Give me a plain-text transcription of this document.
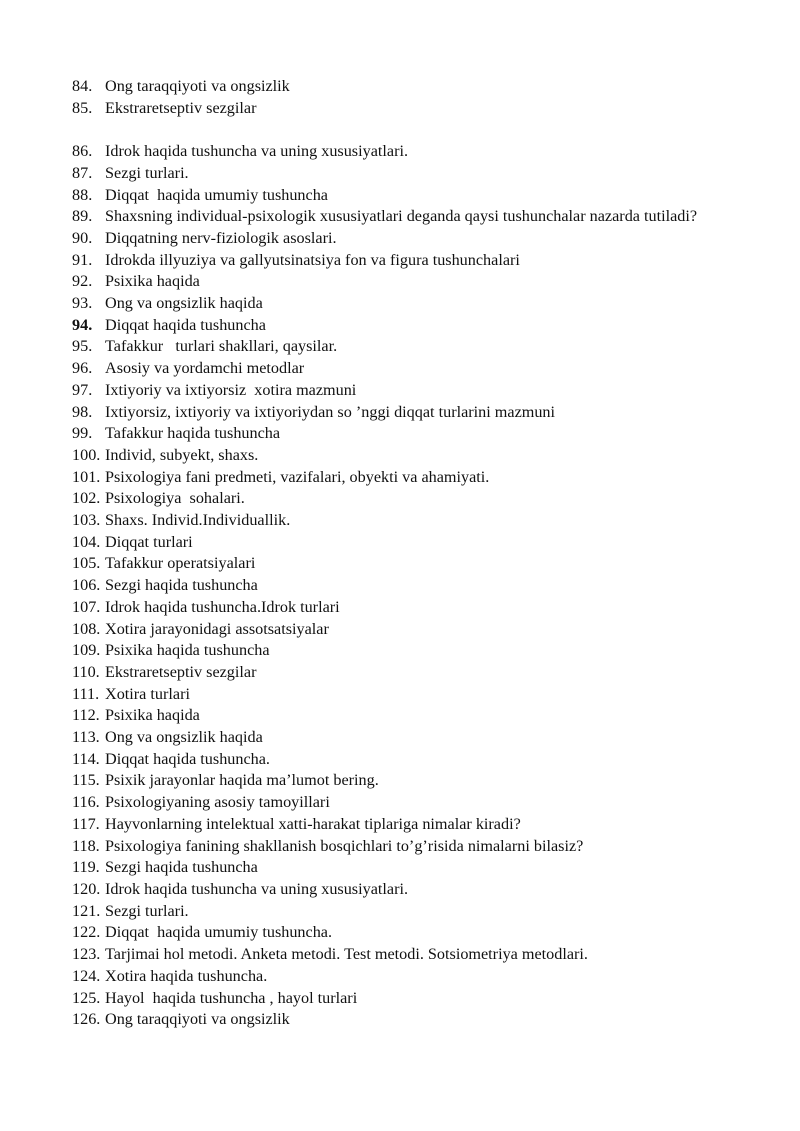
84. Ong taraqqiyoti va ongsizlik
85. Ekstraretseptiv sezgilar
86. Idrok haqida tushuncha va uning xususiyatlari.
87. Sezgi turlari.
88. Diqqat  haqida umumiy tushuncha
89. Shaxsning individual-psixologik xususiyatlari deganda qaysi tushunchalar nazarda tutiladi?
90. Diqqatning nerv-fiziologik asoslari.
91. Idrokda illyuziya va gallyutsinatsiya fon va figura tushunchalari
92. Psixika haqida
93. Ong va ongsizlik haqida
94. Diqqat haqida tushuncha
95. Tafakkur   turlari shakllari, qaysilar.
96. Asosiy va yordamchi metodlar
97. Ixtiyoriy va ixtiyorsiz  xotira mazmuni
98. Ixtiyorsiz, ixtiyoriy va ixtiyoriydan so ’nggi diqqat turlarini mazmuni
99. Tafakkur haqida tushuncha
100. Individ, subyekt, shaxs.
101. Psixologiya fani predmeti, vazifalari, obyekti va ahamiyati.
102. Psixologiya  sohalari.
103. Shaxs. Individ.Individuallik.
104. Diqqat turlari
105. Tafakkur operatsiyalari
106. Sezgi haqida tushuncha
107. Idrok haqida tushuncha.Idrok turlari
108. Xotira jarayonidagi assotsatsiyalar
109. Psixika haqida tushuncha
110. Ekstraretseptiv sezgilar
111. Xotira turlari
112. Psixika haqida
113. Ong va ongsizlik haqida
114. Diqqat haqida tushuncha.
115. Psixik jarayonlar haqida ma’lumot bering.
116. Psixologiyaning asosiy tamoyillari
117. Hayvonlarning intelektual xatti-harakat tiplariga nimalar kiradi?
118. Psixologiya fanining shakllanish bosqichlari to’g’risida nimalarni bilasiz?
119. Sezgi haqida tushuncha
120. Idrok haqida tushuncha va uning xususiyatlari.
121. Sezgi turlari.
122. Diqqat  haqida umumiy tushuncha.
123. Tarjimai hol metodi. Anketa metodi. Test metodi. Sotsiometriya metodlari.
124. Xotira haqida tushuncha.
125. Hayol  haqida tushuncha , hayol turlari
126. Ong taraqqiyoti va ongsizlik
